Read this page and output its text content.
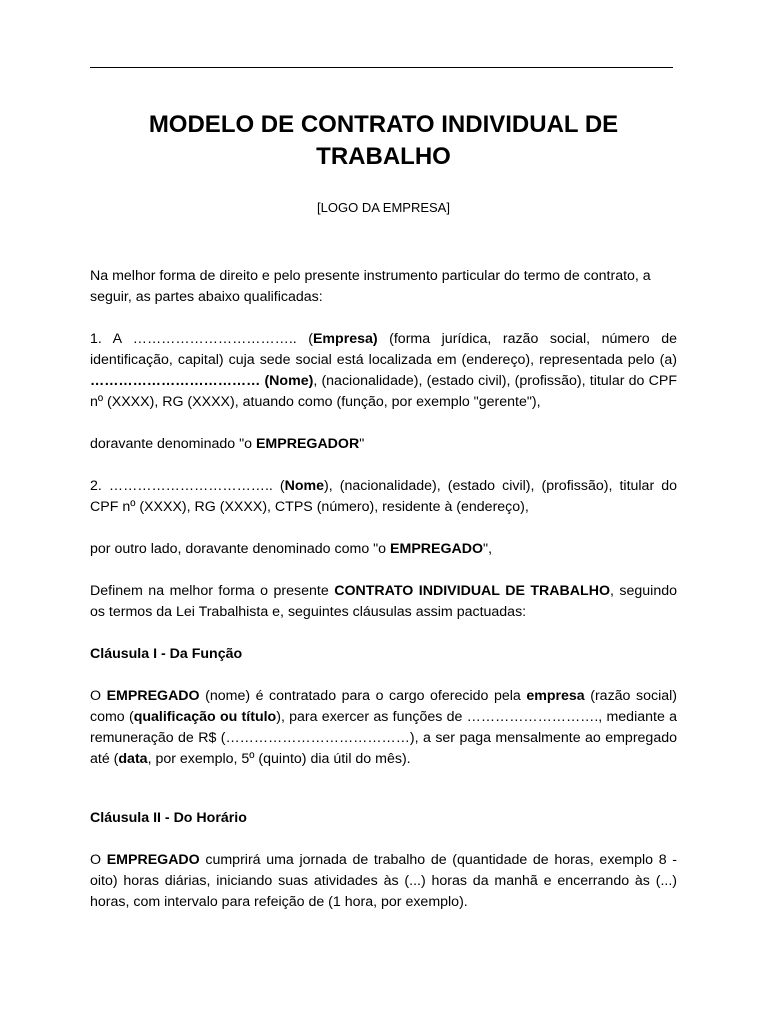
MODELO DE CONTRATO INDIVIDUAL DE
TRABALHO
[LOGO DA EMPRESA]

Na melhor forma de direito e pelo presente instrumento particular do termo de contrato, a seguir, as partes abaixo qualificadas:

1. A …………………………….. (Empresa) (forma jurídica, razão social, número de identificação, capital) cuja sede social está localizada em (endereço), representada pelo (a) ……………………………… (Nome), (nacionalidade), (estado civil), (profissão), titular do CPF nº (XXXX), RG (XXXX), atuando como (função, por exemplo "gerente"),

doravante denominado "o EMPREGADOR"

2. …………………………….. (Nome), (nacionalidade), (estado civil), (profissão), titular do CPF nº (XXXX), RG (XXXX), CTPS (número), residente à (endereço),

por outro lado, doravante denominado como "o EMPREGADO",

Definem na melhor forma o presente CONTRATO INDIVIDUAL DE TRABALHO, seguindo os termos da Lei Trabalhista e, seguintes cláusulas assim pactuadas:

Cláusula I - Da Função

O EMPREGADO (nome) é contratado para o cargo oferecido pela empresa (razão social) como (qualificação ou título), para exercer as funções de ………………………., mediante a remuneração de R$ (…………………………………), a ser paga mensalmente ao empregado até (data, por exemplo, 5º (quinto) dia útil do mês).

Cláusula II - Do Horário

O EMPREGADO cumprirá uma jornada de trabalho de (quantidade de horas, exemplo 8 - oito) horas diárias, iniciando suas atividades às (...) horas da manhã e encerrando às (...) horas, com intervalo para refeição de (1 hora, por exemplo).
